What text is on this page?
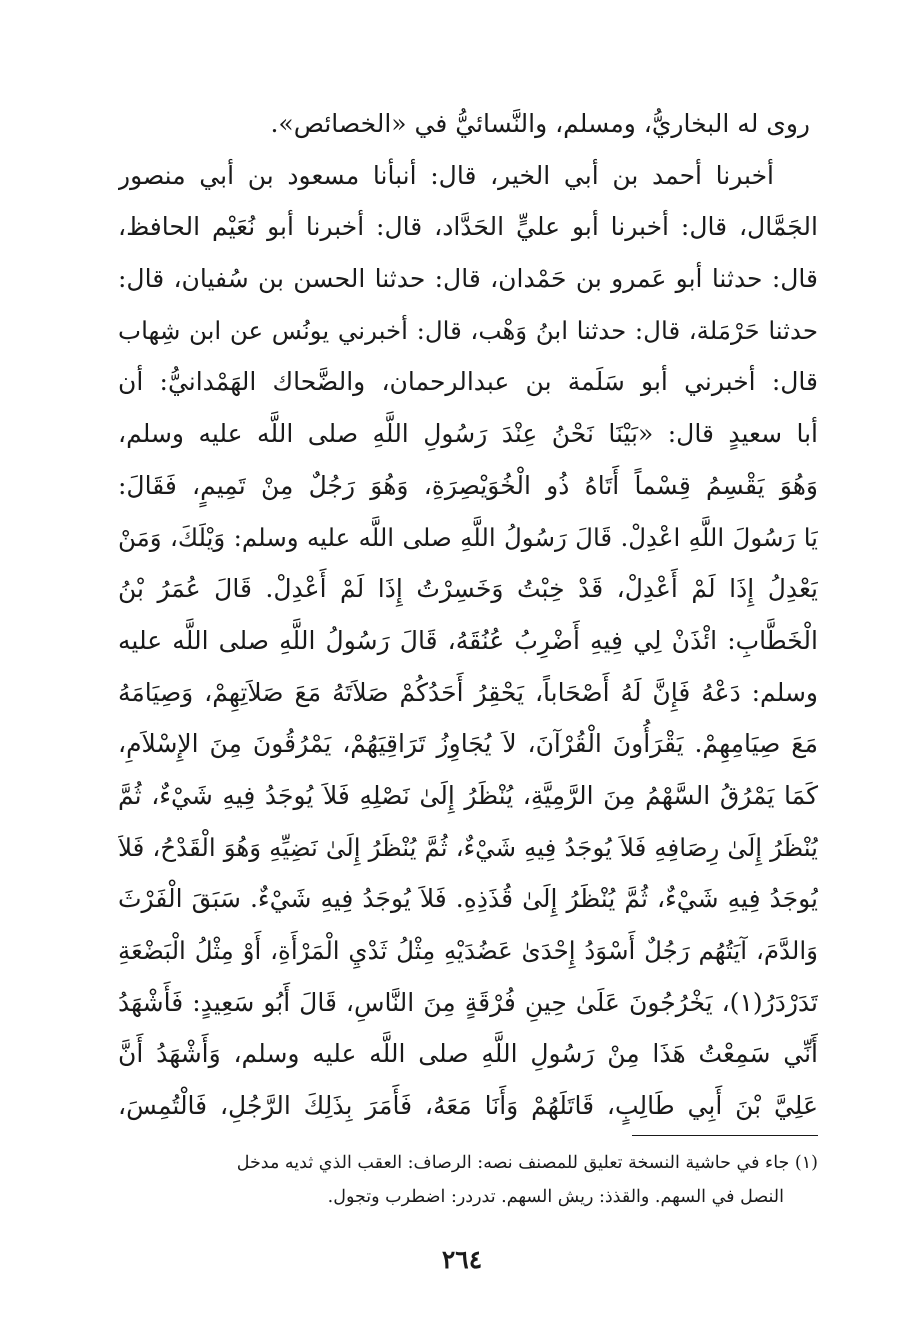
روى له البخاريُّ، ومسلم، والنَّسائيُّ في «الخصائص».
أخبرنا أحمد بن أبي الخير، قال: أنبأنا مسعود بن أبي منصور
الجَمَّال، قال: أخبرنا أبو عليٍّ الحَدَّاد، قال: أخبرنا أبو نُعَيْم الحافظ،
قال: حدثنا أبو عَمرو بن حَمْدان، قال: حدثنا الحسن بن سُفيان، قال:
حدثنا حَرْمَلة، قال: حدثنا ابنُ وَهْب، قال: أخبرني يونُس عن ابن شِهاب
قال: أخبرني أبو سَلَمة بن عبدالرحمان، والضَّحاك الهَمْدانيُّ: أن
أبا سعيدٍ قال: «بَيْنَا نَحْنُ عِنْدَ رَسُولِ اللَّهِ صلى اللَّه عليه وسلم،
وَهُوَ يَقْسِمُ قِسْماً أَتَاهُ ذُو الْخُوَيْصِرَةِ، وَهُوَ رَجُلٌ مِنْ تَمِيمٍ، فَقَالَ:
يَا رَسُولَ اللَّهِ اعْدِلْ. قَالَ رَسُولُ اللَّهِ صلى اللَّه عليه وسلم: وَيْلَكَ، وَمَنْ
يَعْدِلُ إِذَا لَمْ أَعْدِلْ، قَدْ خِبْتُ وَخَسِرْتُ إِذَا لَمْ أَعْدِلْ. قَالَ عُمَرُ بْنُ
الْخَطَّابِ: ائْذَنْ لِي فِيهِ أَضْرِبُ عُنُقَهُ، قَالَ رَسُولُ اللَّهِ صلى اللَّه عليه
وسلم: دَعْهُ فَإِنَّ لَهُ أَصْحَاباً، يَحْقِرُ أَحَدُكُمْ صَلاَتَهُ مَعَ صَلاَتِهِمْ، وَصِيَامَهُ
مَعَ صِيَامِهِمْ. يَقْرَأُونَ الْقُرْآنَ، لاَ يُجَاوِزُ تَرَاقِيَهُمْ، يَمْرُقُونَ مِنَ الإِسْلاَمِ،
كَمَا يَمْرُقُ السَّهْمُ مِنَ الرَّمِيَّةِ، يُنْظَرُ إِلَىٰ نَصْلِهِ فَلاَ يُوجَدُ فِيهِ شَيْءٌ، ثُمَّ
يُنْظَرُ إِلَىٰ رِصَافِهِ فَلاَ يُوجَدُ فِيهِ شَيْءٌ، ثُمَّ يُنْظَرُ إِلَىٰ نَضِيِّهِ وَهُوَ الْقَدْحُ، فَلاَ
يُوجَدُ فِيهِ شَيْءٌ، ثُمَّ يُنْظَرُ إِلَىٰ قُذَذِهِ. فَلاَ يُوجَدُ فِيهِ شَيْءٌ. سَبَقَ الْفَرْثَ
وَالدَّمَ، آيَتُهُم رَجُلٌ أَسْوَدُ إِحْدَىٰ عَضُدَيْهِ مِثْلُ ثَدْيِ الْمَرْأَةِ، أَوْ مِثْلُ الْبَضْعَةِ
تَدَرْدَرُ(١)، يَخْرُجُونَ عَلَىٰ حِينِ فُرْقَةٍ مِنَ النَّاسِ، قَالَ أَبُو سَعِيدٍ: فَأَشْهَدُ
أَنِّي سَمِعْتُ هَذَا مِنْ رَسُولِ اللَّهِ صلى اللَّه عليه وسلم، وَأَشْهَدُ أَنَّ
عَلِيَّ بْنَ أَبِي طَالِبٍ، قَاتَلَهُمْ وَأَنَا مَعَهُ، فَأَمَرَ بِذَلِكَ الرَّجُلِ، فَالْتُمِسَ،
(١) جاء في حاشية النسخة تعليق للمصنف نصه: الرصاف: العقب الذي ثديه مدخل
النصل في السهم. والقذذ: ريش السهم. تدردر: اضطرب وتجول.
٢٦٤
